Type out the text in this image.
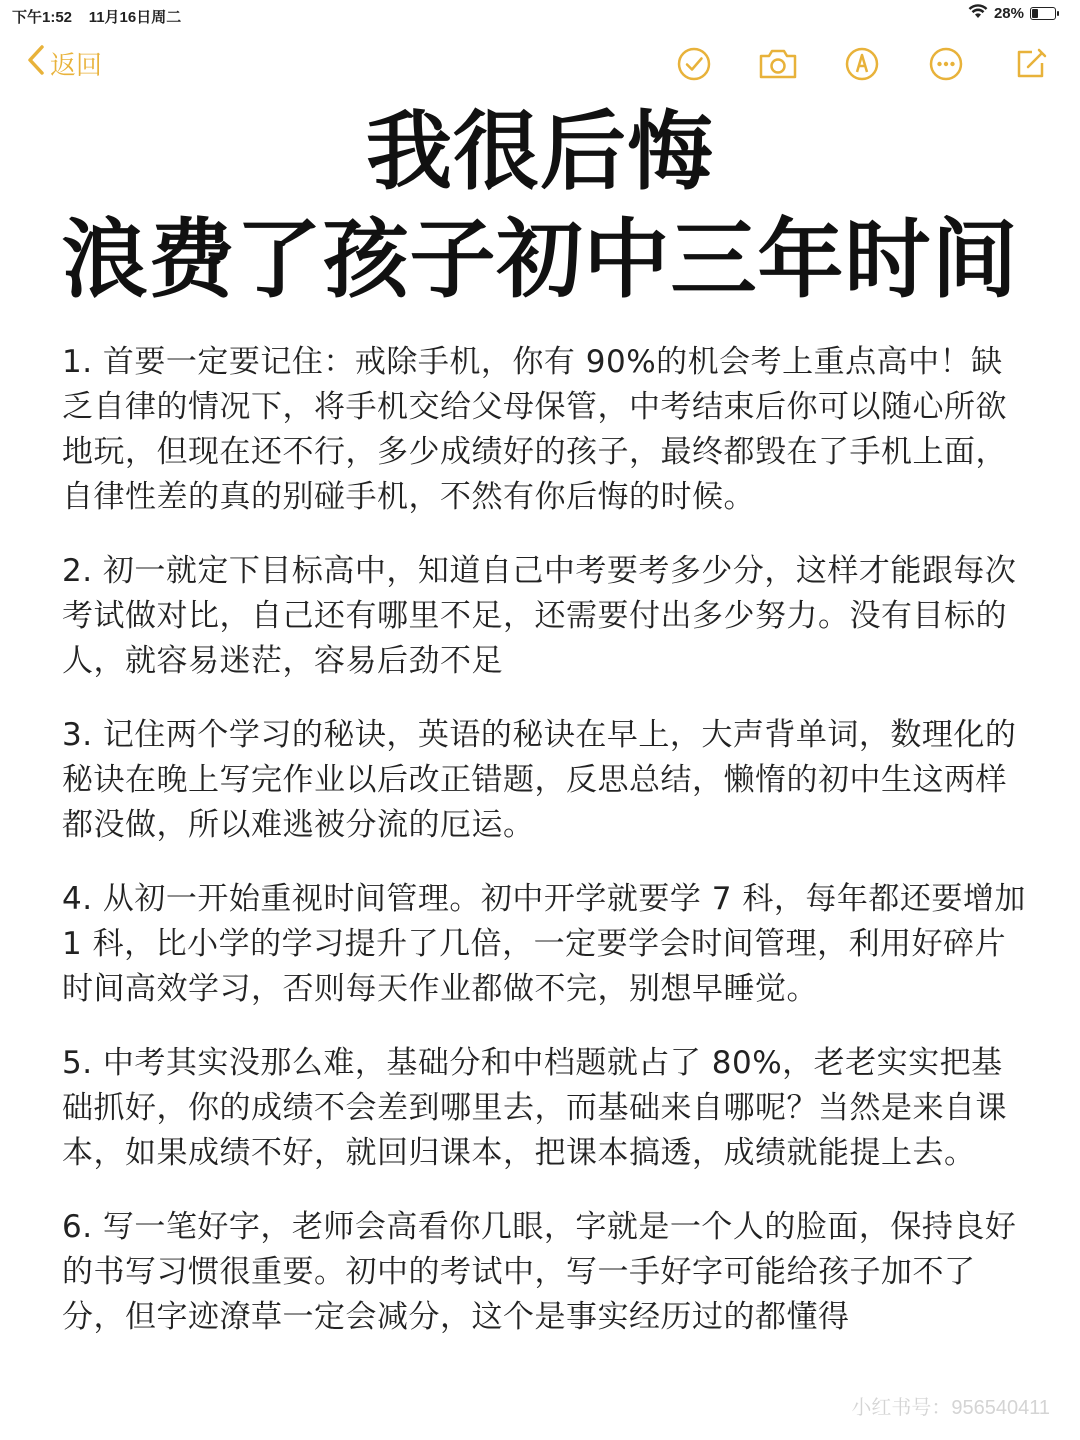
下午1:52 11月16日周二	28%
返回
我很后悔
浪费了孩子初中三年时间

1. 首要一定要记住：戒除手机，你有 90%的机会考上重点高中！缺乏自律的情况下，将手机交给父母保管，中考结束后你可以随心所欲地玩，但现在还不行，多少成绩好的孩子，最终都毁在了手机上面，自律性差的真的别碰手机，不然有你后悔的时候。

2. 初一就定下目标高中，知道自己中考要考多少分，这样才能跟每次考试做对比，自己还有哪里不足，还需要付出多少努力。没有目标的人，就容易迷茫，容易后劲不足

3. 记住两个学习的秘诀，英语的秘诀在早上，大声背单词，数理化的秘诀在晚上写完作业以后改正错题，反思总结，懒惰的初中生这两样都没做，所以难逃被分流的厄运。

4. 从初一开始重视时间管理。初中开学就要学 7 科，每年都还要增加 1 科，比小学的学习提升了几倍，一定要学会时间管理，利用好碎片时间高效学习，否则每天作业都做不完，别想早睡觉。

5. 中考其实没那么难，基础分和中档题就占了 80%，老老实实把基础抓好，你的成绩不会差到哪里去，而基础来自哪呢？当然是来自课本，如果成绩不好，就回归课本，把课本搞透，成绩就能提上去。

6. 写一笔好字，老师会高看你几眼，字就是一个人的脸面，保持良好的书写习惯很重要。初中的考试中，写一手好字可能给孩子加不了分，但字迹潦草一定会减分，这个是事实经历过的都懂得

小红书号：956540411
